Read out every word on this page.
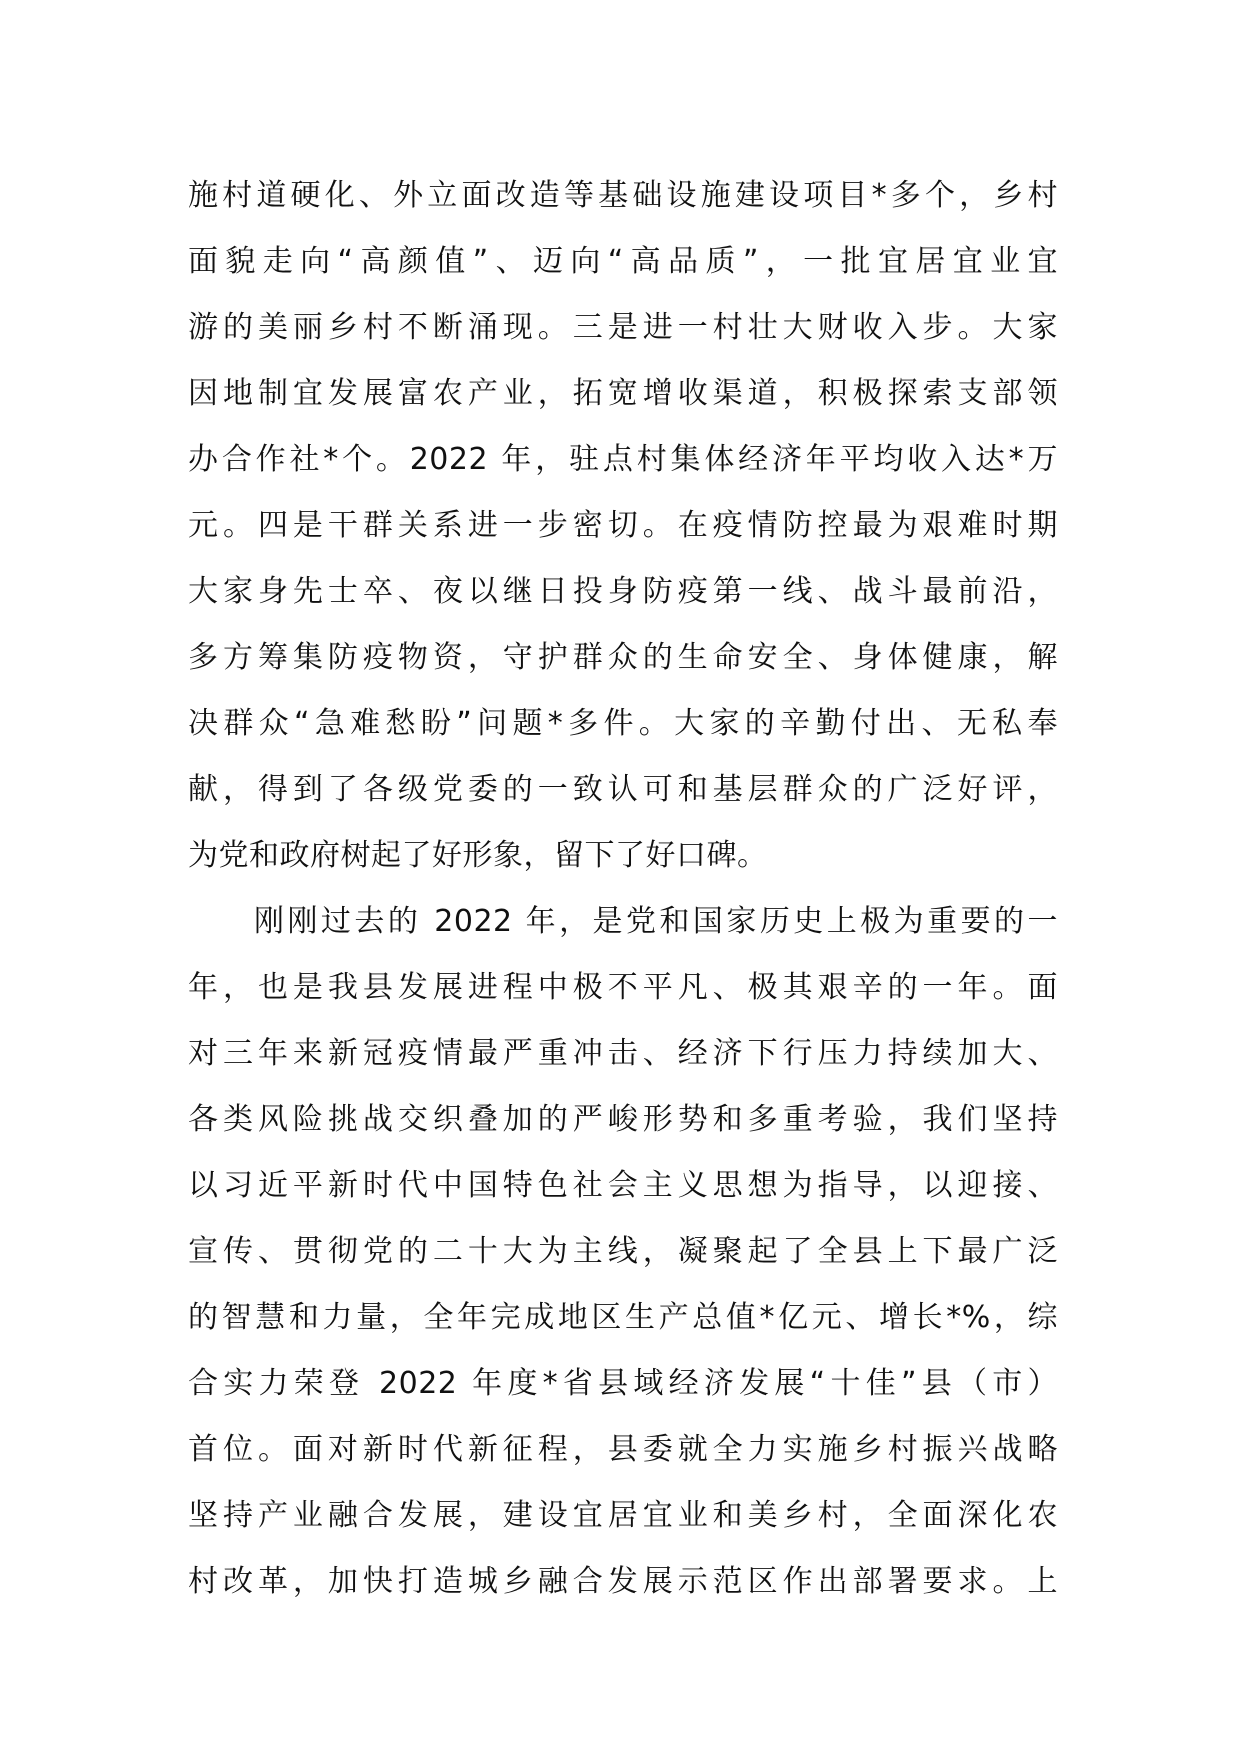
施村道硬化、外立面改造等基础设施建设项目*多个，乡村
面貌走向“高颜值”、迈向“高品质”，一批宜居宜业宜
游的美丽乡村不断涌现。三是进一村壮大财收入步。大家
因地制宜发展富农产业，拓宽增收渠道，积极探索支部领
办合作社*个。2022 年，驻点村集体经济年平均收入达*万
元。四是干群关系进一步密切。在疫情防控最为艰难时期
大家身先士卒、夜以继日投身防疫第一线、战斗最前沿，
多方筹集防疫物资，守护群众的生命安全、身体健康，解
决群众“急难愁盼”问题*多件。大家的辛勤付出、无私奉
献，得到了各级党委的一致认可和基层群众的广泛好评，
为党和政府树起了好形象，留下了好口碑。
刚刚过去的 2022 年，是党和国家历史上极为重要的一
年，也是我县发展进程中极不平凡、极其艰辛的一年。面
对三年来新冠疫情最严重冲击、经济下行压力持续加大、
各类风险挑战交织叠加的严峻形势和多重考验，我们坚持
以习近平新时代中国特色社会主义思想为指导，以迎接、
宣传、贯彻党的二十大为主线，凝聚起了全县上下最广泛
的智慧和力量，全年完成地区生产总值*亿元、增长*%，综
合实力荣登 2022 年度*省县域经济发展“十佳”县（市）
首位。面对新时代新征程，县委就全力实施乡村振兴战略
坚持产业融合发展，建设宜居宜业和美乡村，全面深化农
村改革，加快打造城乡融合发展示范区作出部署要求。上
